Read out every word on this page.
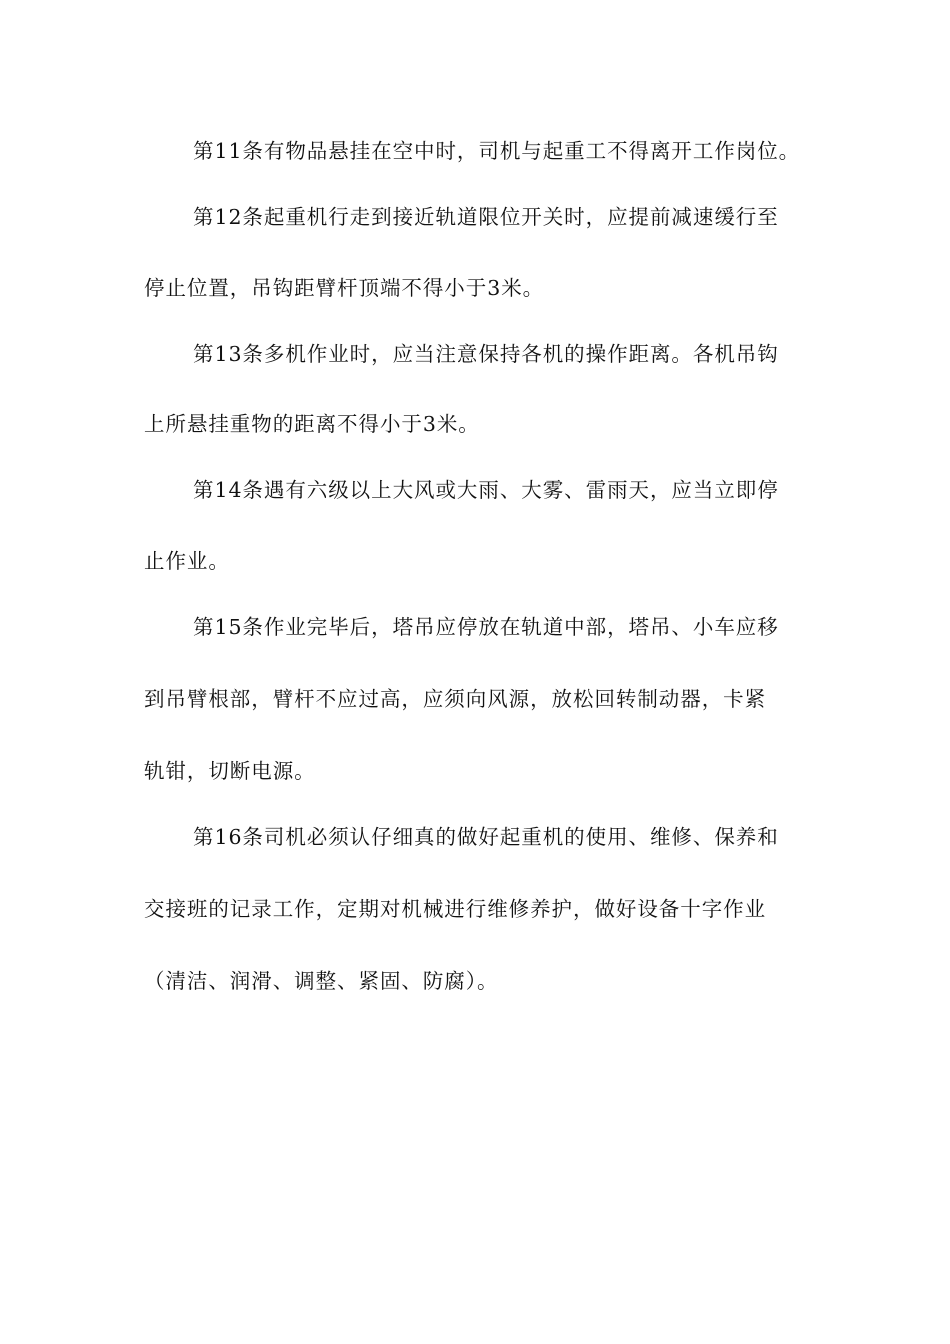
第11条有物品悬挂在空中时，司机与起重工不得离开工作岗位。
第12条起重机行走到接近轨道限位开关时，应提前减速缓行至
停止位置，吊钩距臂杆顶端不得小于3米。
第13条多机作业时，应当注意保持各机的操作距离。各机吊钩
上所悬挂重物的距离不得小于3米。
第14条遇有六级以上大风或大雨、大雾、雷雨天，应当立即停
止作业。
第15条作业完毕后，塔吊应停放在轨道中部，塔吊、小车应移
到吊臂根部，臂杆不应过高，应须向风源，放松回转制动器，卡紧
轨钳，切断电源。
第16条司机必须认仔细真的做好起重机的使用、维修、保养和
交接班的记录工作，定期对机械进行维修养护，做好设备十字作业
（清洁、润滑、调整、紧固、防腐）。
